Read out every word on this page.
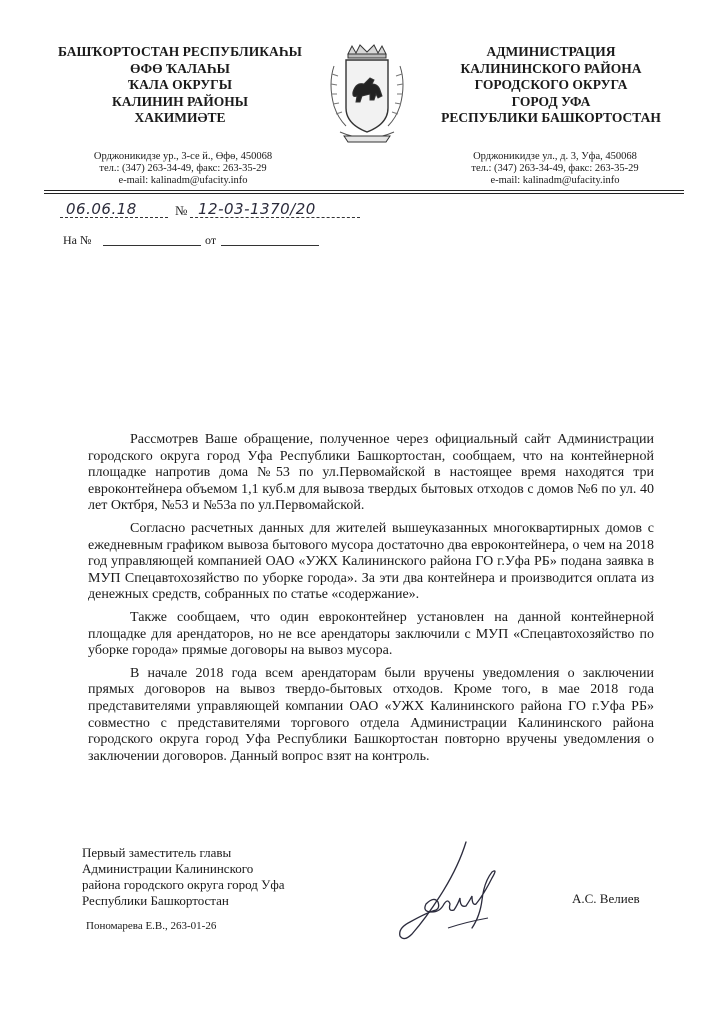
БАШҠОРТОСТАН РЕСПУБЛИКАҺЫ
ӨФӨ ҠАЛАҺЫ
ҠАЛА ОКРУГЫ
КАЛИНИН РАЙОНЫ
ХАКИМИӘТЕ
АДМИНИСТРАЦИЯ
КАЛИНИНСКОГО РАЙОНА
ГОРОДСКОГО ОКРУГА
ГОРОД УФА
РЕСПУБЛИКИ БАШКОРТОСТАН
Орджоникидзе ур., 3-се й., Өфө, 450068
тел.: (347) 263-34-49, факс: 263-35-29
e-mail: kalinadm@ufacity.info
Орджоникидзе ул., д. 3, Уфа, 450068
тел.: (347) 263-34-49, факс: 263-35-29
e-mail: kalinadm@ufacity.info
06.06.18	№ 12-03-1370/20
На №	от

Рассмотрев Ваше обращение, полученное через официальный сайт Администрации городского округа город Уфа Республики Башкортостан, сообщаем, что на контейнерной площадке напротив дома №53 по ул.Первомайской в настоящее время находятся три евроконтейнера объемом 1,1 куб.м для вывоза твердых бытовых отходов с домов №6 по ул. 40 лет Октбря, №53 и №53а по ул.Первомайской.

Согласно расчетных данных для жителей вышеуказанных многоквартирных домов с ежедневным графиком вывоза бытового мусора достаточно два евроконтейнера, о чем на 2018 год управляющей компанией ОАО «УЖХ Калининского района ГО г.Уфа РБ» подана заявка в МУП Спецавтохозяйство по уборке города». За эти два контейнера и производится оплата из денежных средств, собранных по статье «содержание».

Также сообщаем, что один евроконтейнер установлен на данной контейнерной площадке для арендаторов, но не все арендаторы заключили с МУП «Спецавтохозяйство по уборке города» прямые договоры на вывоз мусора.

В начале 2018 года всем арендаторам были вручены уведомления о заключении прямых договоров на вывоз твердо-бытовых отходов. Кроме того, в мае 2018 года представителями управляющей компании ОАО «УЖХ Калининского района ГО г.Уфа РБ» совместно с представителями торгового отдела Администрации Калининского района городского округа город Уфа Республики Башкортостан повторно вручены уведомления о заключении договоров. Данный вопрос взят на контроль.

Первый заместитель главы
Администрации Калининского
района городского округа город Уфа
Республики Башкортостан	А.С. Велиев
Пономарева Е.В., 263-01-26
